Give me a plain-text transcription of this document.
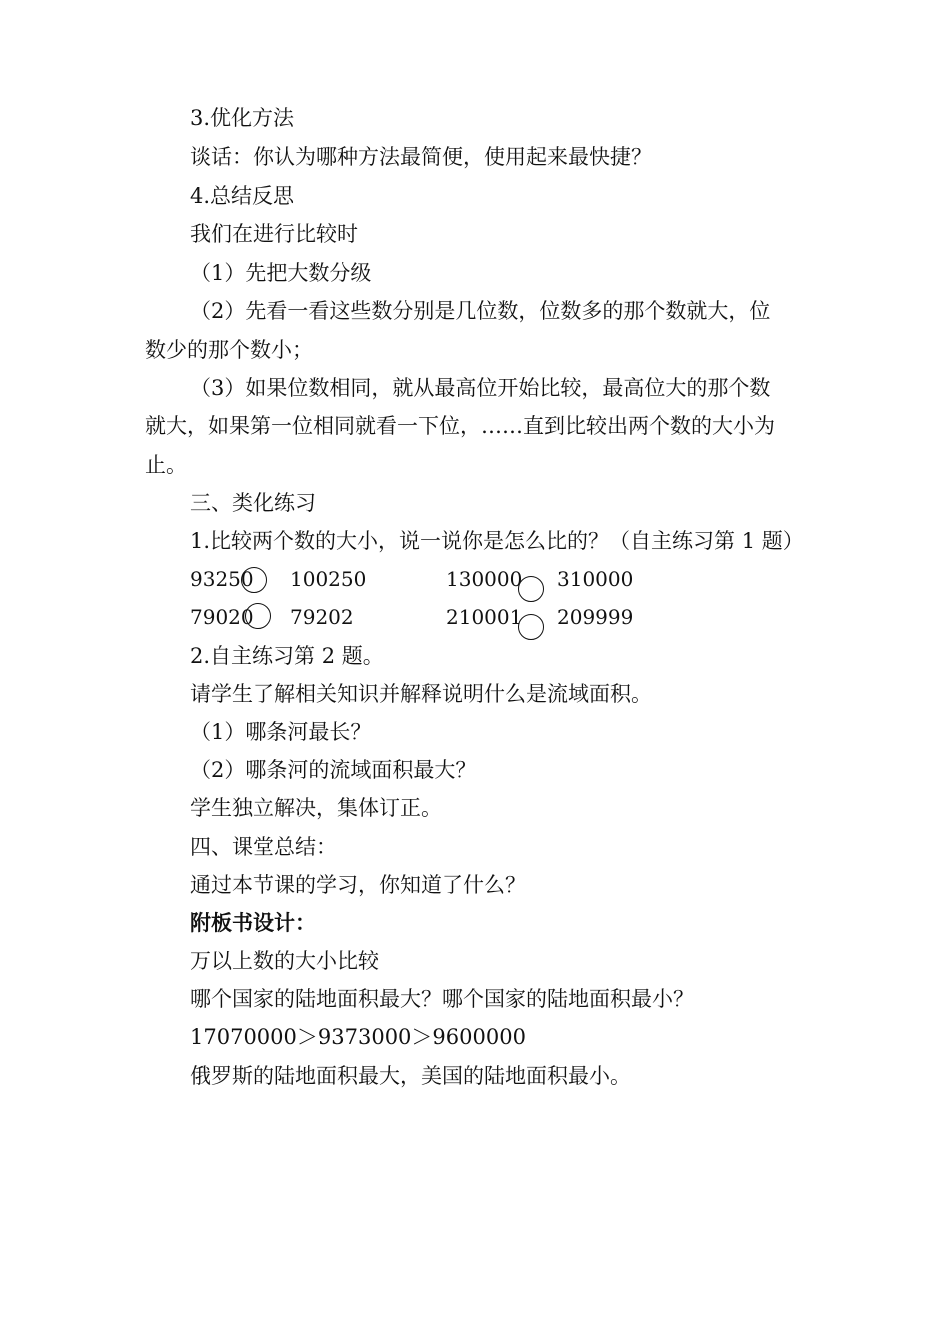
3.优化方法
谈话：你认为哪种方法最简便，使用起来最快捷？
4.总结反思
我们在进行比较时
（1）先把大数分级
（2）先看一看这些数分别是几位数，位数多的那个数就大，位
数少的那个数小；
（3）如果位数相同，就从最高位开始比较，最高位大的那个数
就大，如果第一位相同就看一下位，……直到比较出两个数的大小为
止。
三、类化练习
1.比较两个数的大小，说一说你是怎么比的？（自主练习第 1 题）
93250 100250	130000 310000
79020 79202	210001 209999
2.自主练习第 2 题。
请学生了解相关知识并解释说明什么是流域面积。
（1）哪条河最长？
（2）哪条河的流域面积最大？
学生独立解决，集体订正。
四、课堂总结：
通过本节课的学习，你知道了什么？
附板书设计：
万以上数的大小比较
哪个国家的陆地面积最大？哪个国家的陆地面积最小？
17070000＞9373000＞9600000
俄罗斯的陆地面积最大，美国的陆地面积最小。
